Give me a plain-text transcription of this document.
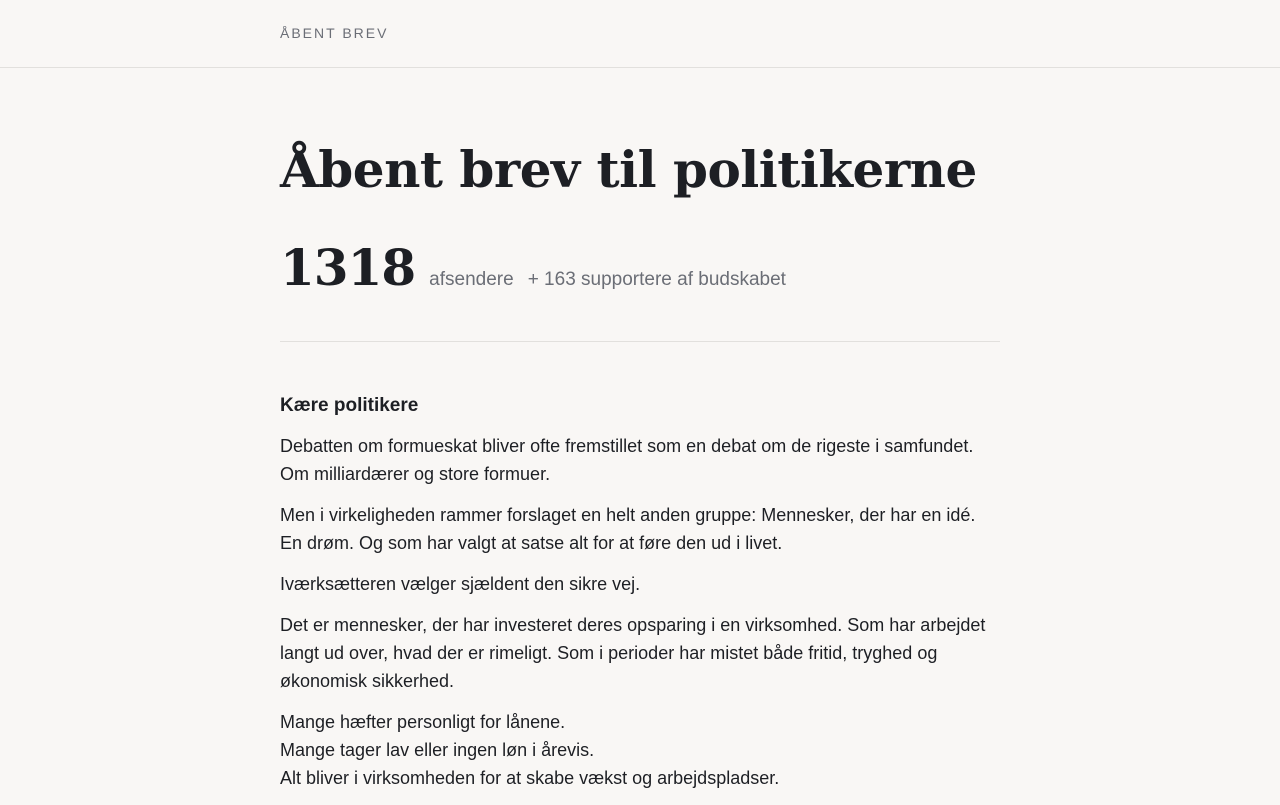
ÅBENT BREV
Åbent brev til politikerne
1318 afsendere + 163 supportere af budskabet
Kære politikere

Debatten om formueskat bliver ofte fremstillet som en debat om de rigeste i samfundet. Om milliardærer og store formuer.

Men i virkeligheden rammer forslaget en helt anden gruppe: Mennesker, der har en idé. En drøm. Og som har valgt at satse alt for at føre den ud i livet.

Iværksætteren vælger sjældent den sikre vej.

Det er mennesker, der har investeret deres opsparing i en virksomhed. Som har arbejdet langt ud over, hvad der er rimeligt. Som i perioder har mistet både fritid, tryghed og økonomisk sikkerhed.

Mange hæfter personligt for lånene.
Mange tager lav eller ingen løn i årevis.
Alt bliver i virksomheden for at skabe vækst og arbejdspladser.
